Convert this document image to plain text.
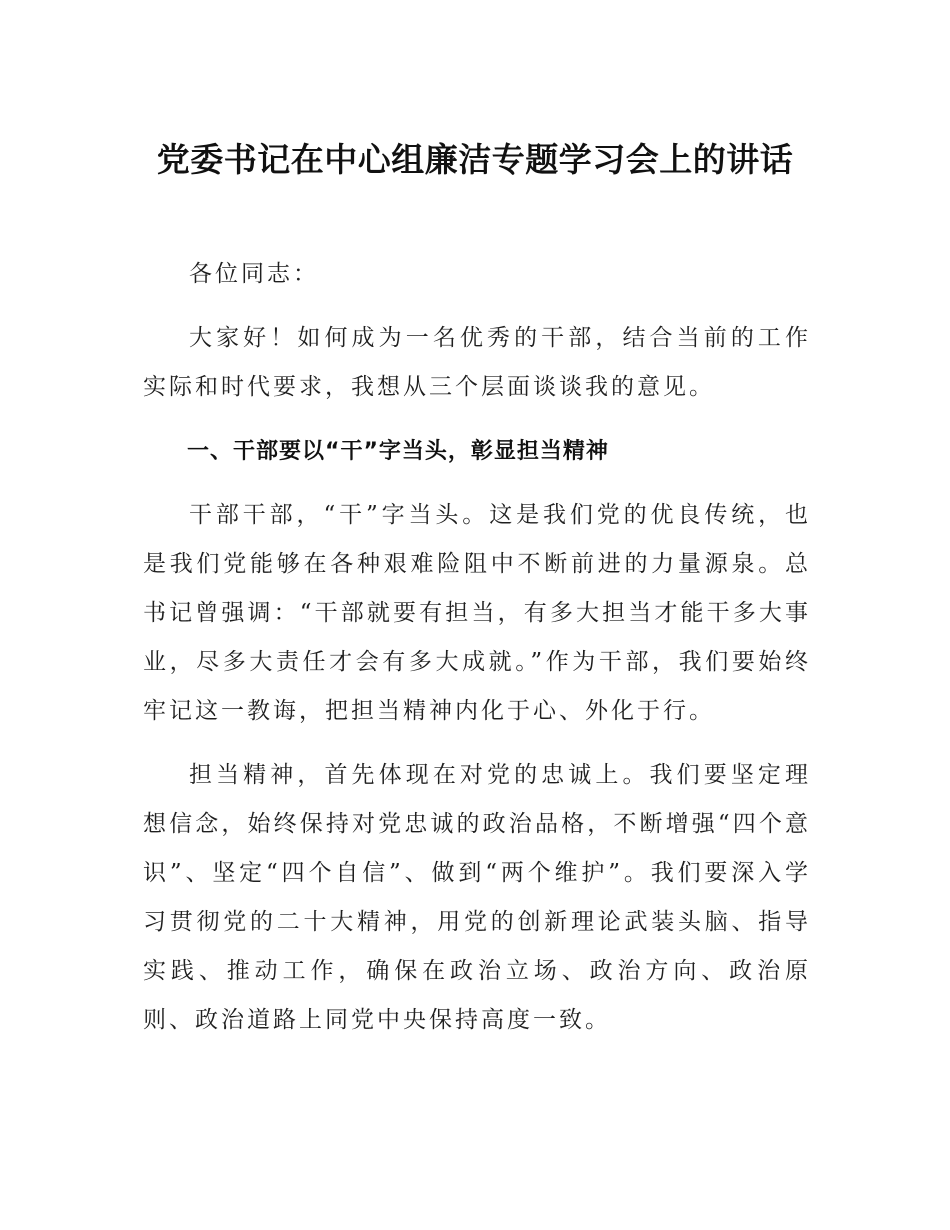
党委书记在中心组廉洁专题学习会上的讲话

各位同志：

大家好！如何成为一名优秀的干部，结合当前的工作实际和时代要求，我想从三个层面谈谈我的意见。

一、干部要以“干”字当头，彰显担当精神

干部干部，“干”字当头。这是我们党的优良传统，也是我们党能够在各种艰难险阻中不断前进的力量源泉。总书记曾强调：“干部就要有担当，有多大担当才能干多大事业，尽多大责任才会有多大成就。”作为干部，我们要始终牢记这一教诲，把担当精神内化于心、外化于行。

担当精神，首先体现在对党的忠诚上。我们要坚定理想信念，始终保持对党忠诚的政治品格，不断增强“四个意识”、坚定“四个自信”、做到“两个维护”。我们要深入学习贯彻党的二十大精神，用党的创新理论武装头脑、指导实践、推动工作，确保在政治立场、政治方向、政治原则、政治道路上同党中央保持高度一致。
